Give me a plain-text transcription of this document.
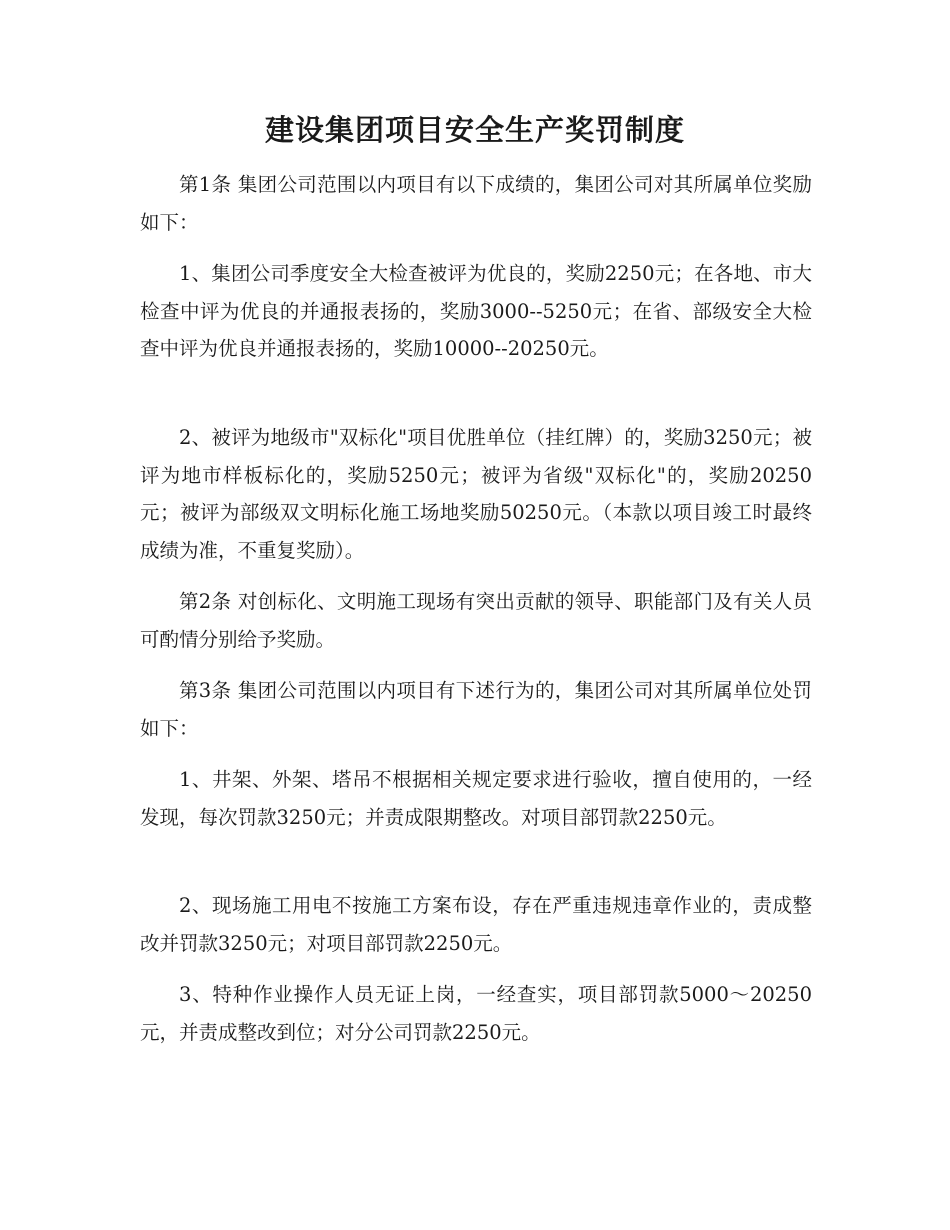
建设集团项目安全生产奖罚制度

第1条 集团公司范围以内项目有以下成绩的，集团公司对其所属单位奖励如下：

1、集团公司季度安全大检查被评为优良的，奖励2250元；在各地、市大检查中评为优良的并通报表扬的，奖励3000--5250元；在省、部级安全大检查中评为优良并通报表扬的，奖励10000--20250元。

2、被评为地级市"双标化"项目优胜单位（挂红牌）的，奖励3250元；被评为地市样板标化的，奖励5250元；被评为省级"双标化"的，奖励20250元；被评为部级双文明标化施工场地奖励50250元。（本款以项目竣工时最终成绩为准，不重复奖励）。

第2条 对创标化、文明施工现场有突出贡献的领导、职能部门及有关人员可酌情分别给予奖励。

第3条 集团公司范围以内项目有下述行为的，集团公司对其所属单位处罚如下：

1、井架、外架、塔吊不根据相关规定要求进行验收，擅自使用的，一经发现，每次罚款3250元；并责成限期整改。对项目部罚款2250元。

2、现场施工用电不按施工方案布设，存在严重违规违章作业的，责成整改并罚款3250元；对项目部罚款2250元。

3、特种作业操作人员无证上岗，一经查实，项目部罚款5000～20250元，并责成整改到位；对分公司罚款2250元。
